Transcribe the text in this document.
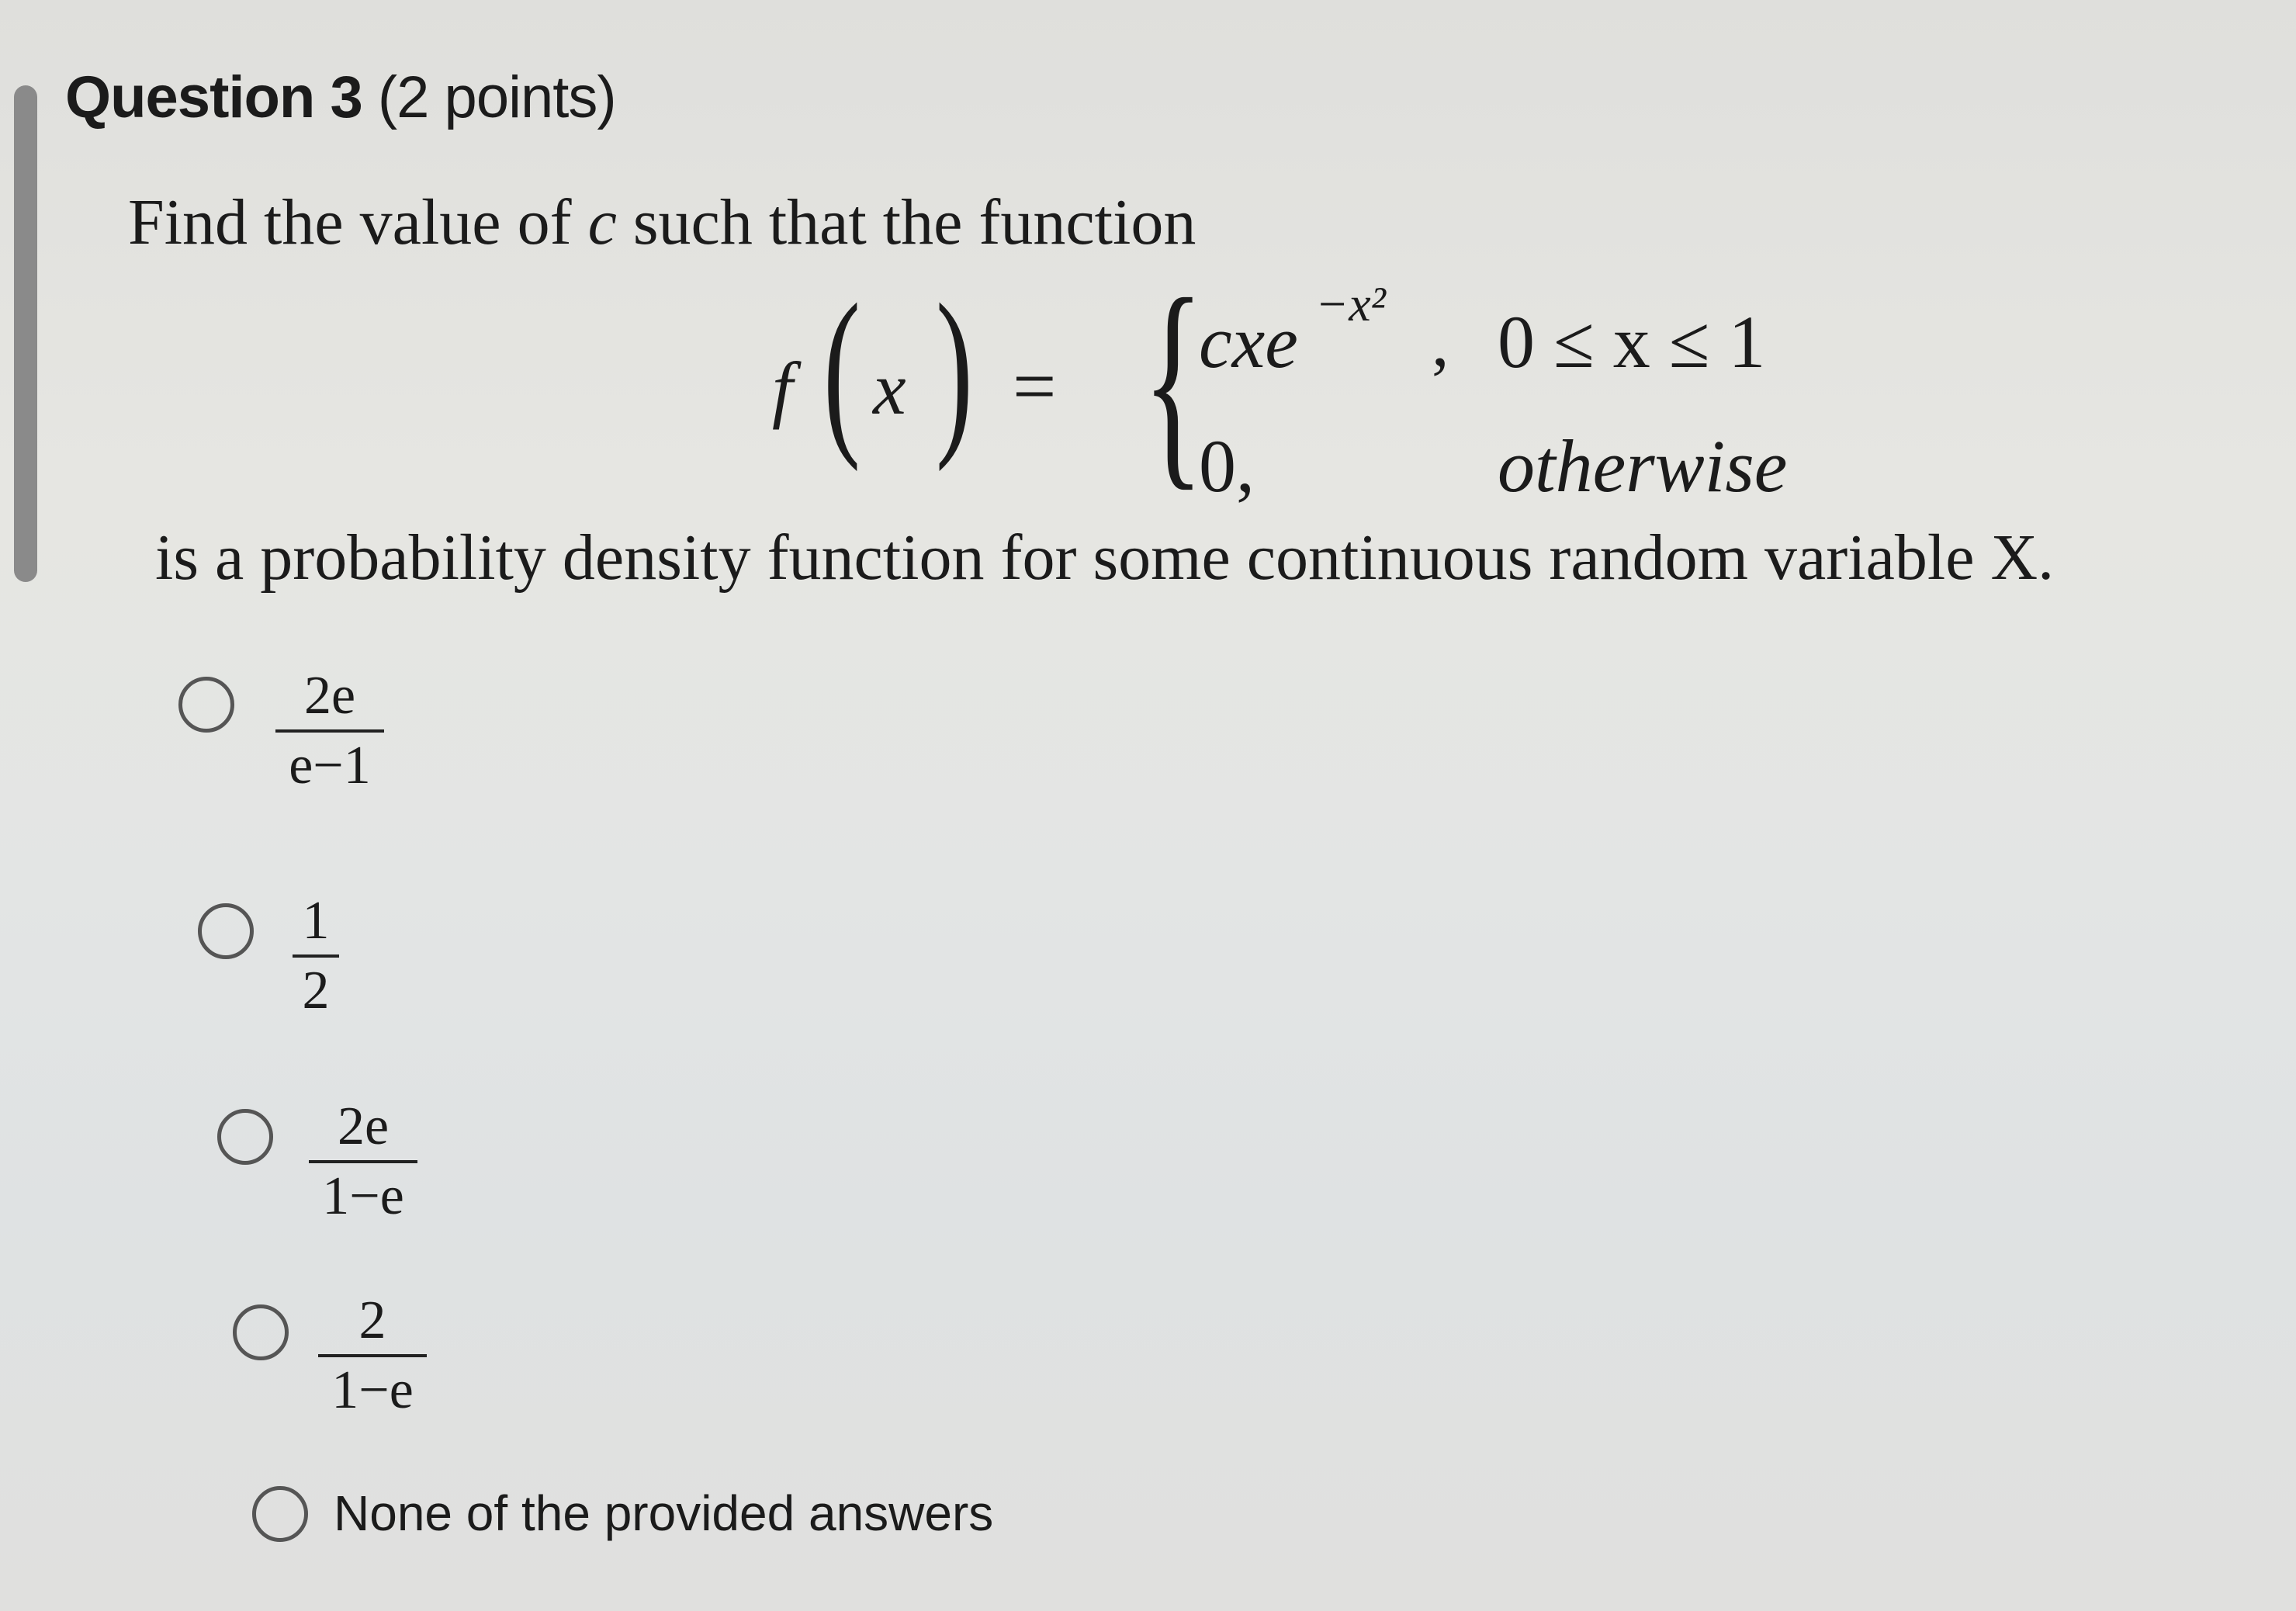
Question 3 (2 points)
Find the value of c such that the function
f ( x ) = {
cxe −x²
, 0 ≤ x ≤ 1
0,	otherwise
is a probability density function for some continuous random variable X.
2e
e−1
1
2
2e
1−e
2
1−e
None of the provided answers
